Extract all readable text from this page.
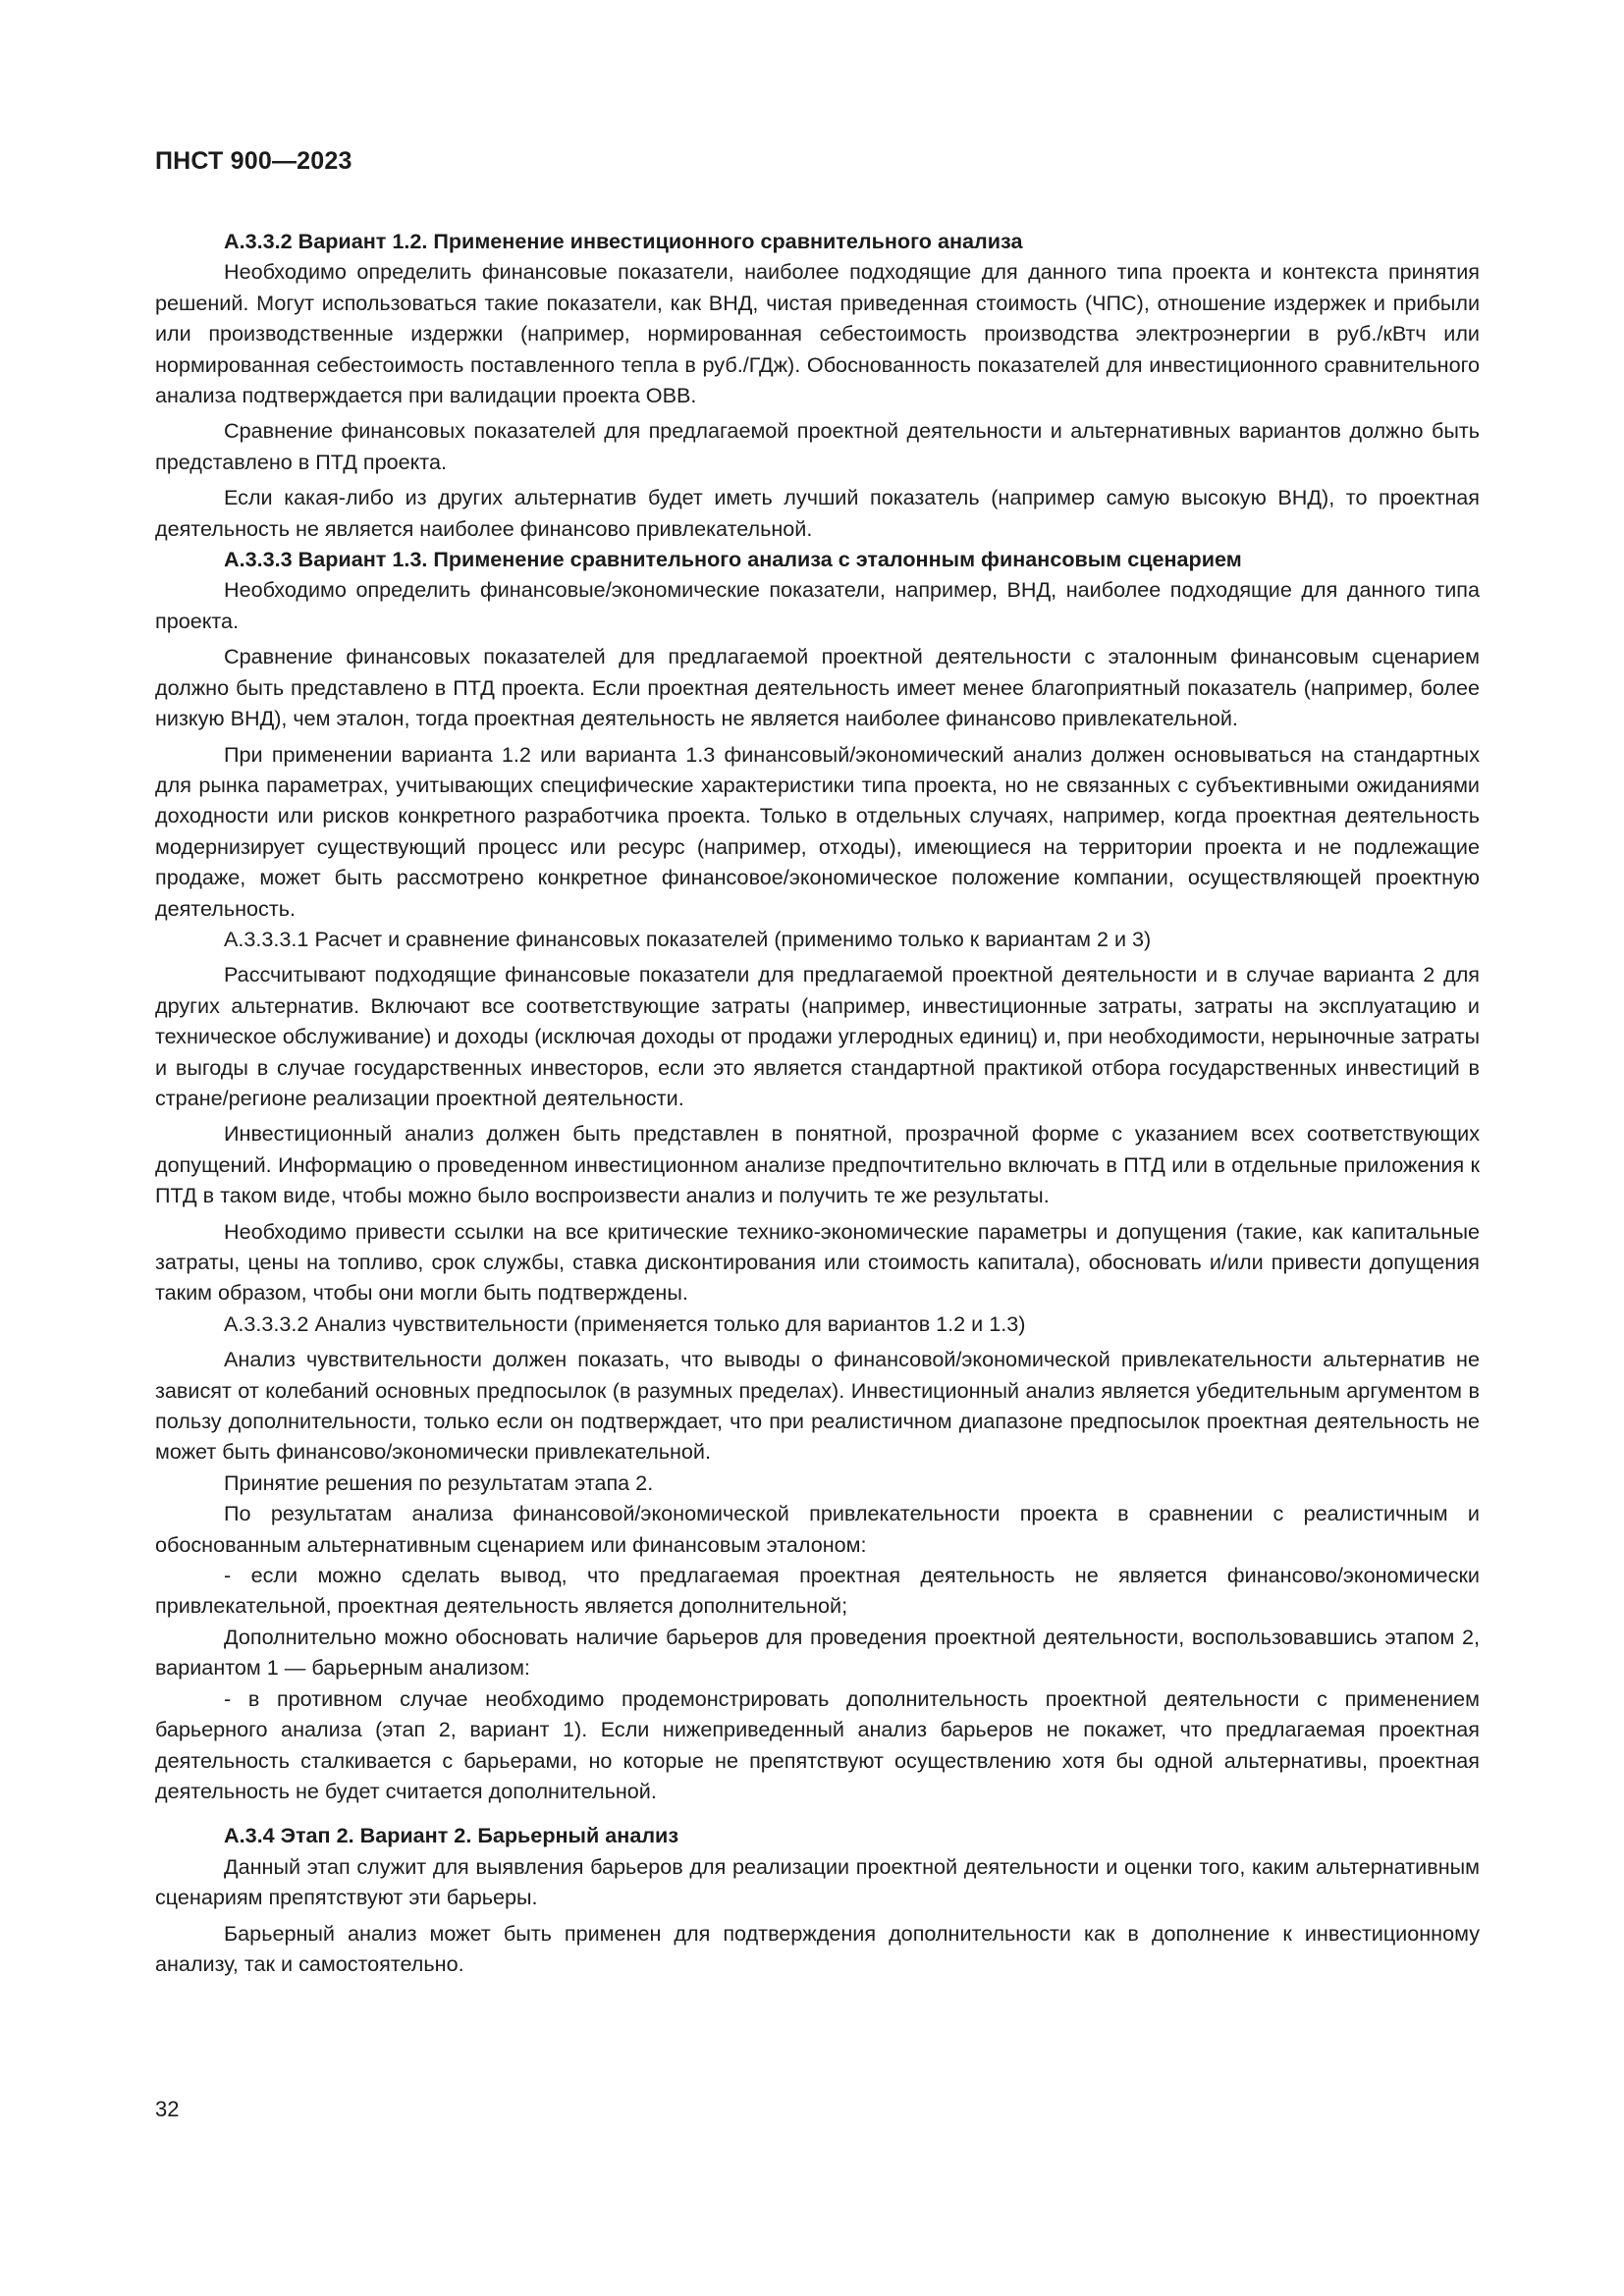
ПНСТ 900—2023

А.3.3.2 Вариант 1.2. Применение инвестиционного сравнительного анализа

Необходимо определить финансовые показатели, наиболее подходящие для данного типа проекта и контекста принятия решений. Могут использоваться такие показатели, как ВНД, чистая приведенная стоимость (ЧПС), отношение издержек и прибыли или производственные издержки (например, нормированная себестоимость производства электроэнергии в руб./кВтч или нормированная себестоимость поставленного тепла в руб./ГДж). Обоснованность показателей для инвестиционного сравнительного анализа подтверждается при валидации проекта ОВВ.

Сравнение финансовых показателей для предлагаемой проектной деятельности и альтернативных вариантов должно быть представлено в ПТД проекта.

Если какая-либо из других альтернатив будет иметь лучший показатель (например самую высокую ВНД), то проектная деятельность не является наиболее финансово привлекательной.

А.3.3.3 Вариант 1.3. Применение сравнительного анализа с эталонным финансовым сценарием

Необходимо определить финансовые/экономические показатели, например, ВНД, наиболее подходящие для данного типа проекта.

Сравнение финансовых показателей для предлагаемой проектной деятельности с эталонным финансовым сценарием должно быть представлено в ПТД проекта. Если проектная деятельность имеет менее благоприятный показатель (например, более низкую ВНД), чем эталон, тогда проектная деятельность не является наиболее финансово привлекательной.

При применении варианта 1.2 или варианта 1.3 финансовый/экономический анализ должен основываться на стандартных для рынка параметрах, учитывающих специфические характеристики типа проекта, но не связанных с субъективными ожиданиями доходности или рисков конкретного разработчика проекта. Только в отдельных случаях, например, когда проектная деятельность модернизирует существующий процесс или ресурс (например, отходы), имеющиеся на территории проекта и не подлежащие продаже, может быть рассмотрено конкретное финансовое/экономическое положение компании, осуществляющей проектную деятельность.

А.3.3.3.1 Расчет и сравнение финансовых показателей (применимо только к вариантам 2 и 3)

Рассчитывают подходящие финансовые показатели для предлагаемой проектной деятельности и в случае варианта 2 для других альтернатив. Включают все соответствующие затраты (например, инвестиционные затраты, затраты на эксплуатацию и техническое обслуживание) и доходы (исключая доходы от продажи углеродных единиц) и, при необходимости, нерыночные затраты и выгоды в случае государственных инвесторов, если это является стандартной практикой отбора государственных инвестиций в стране/регионе реализации проектной деятельности.

Инвестиционный анализ должен быть представлен в понятной, прозрачной форме с указанием всех соответствующих допущений. Информацию о проведенном инвестиционном анализе предпочтительно включать в ПТД или в отдельные приложения к ПТД в таком виде, чтобы можно было воспроизвести анализ и получить те же результаты.

Необходимо привести ссылки на все критические технико-экономические параметры и допущения (такие, как капитальные затраты, цены на топливо, срок службы, ставка дисконтирования или стоимость капитала), обосновать и/или привести допущения таким образом, чтобы они могли быть подтверждены.

А.3.3.3.2 Анализ чувствительности (применяется только для вариантов 1.2 и 1.3)

Анализ чувствительности должен показать, что выводы о финансовой/экономической привлекательности альтернатив не зависят от колебаний основных предпосылок (в разумных пределах). Инвестиционный анализ является убедительным аргументом в пользу дополнительности, только если он подтверждает, что при реалистичном диапазоне предпосылок проектная деятельность не может быть финансово/экономически привлекательной.

Принятие решения по результатам этапа 2.

По результатам анализа финансовой/экономической привлекательности проекта в сравнении с реалистичным и обоснованным альтернативным сценарием или финансовым эталоном:

- если можно сделать вывод, что предлагаемая проектная деятельность не является финансово/экономически привлекательной, проектная деятельность является дополнительной;

Дополнительно можно обосновать наличие барьеров для проведения проектной деятельности, воспользовавшись этапом 2, вариантом 1 — барьерным анализом:

- в противном случае необходимо продемонстрировать дополнительность проектной деятельности с применением барьерного анализа (этап 2, вариант 1). Если нижеприведенный анализ барьеров не покажет, что предлагаемая проектная деятельность сталкивается с барьерами, но которые не препятствуют осуществлению хотя бы одной альтернативы, проектная деятельность не будет считается дополнительной.

А.3.4 Этап 2. Вариант 2. Барьерный анализ

Данный этап служит для выявления барьеров для реализации проектной деятельности и оценки того, каким альтернативным сценариям препятствуют эти барьеры.

Барьерный анализ может быть применен для подтверждения дополнительности как в дополнение к инвестиционному анализу, так и самостоятельно.

32
